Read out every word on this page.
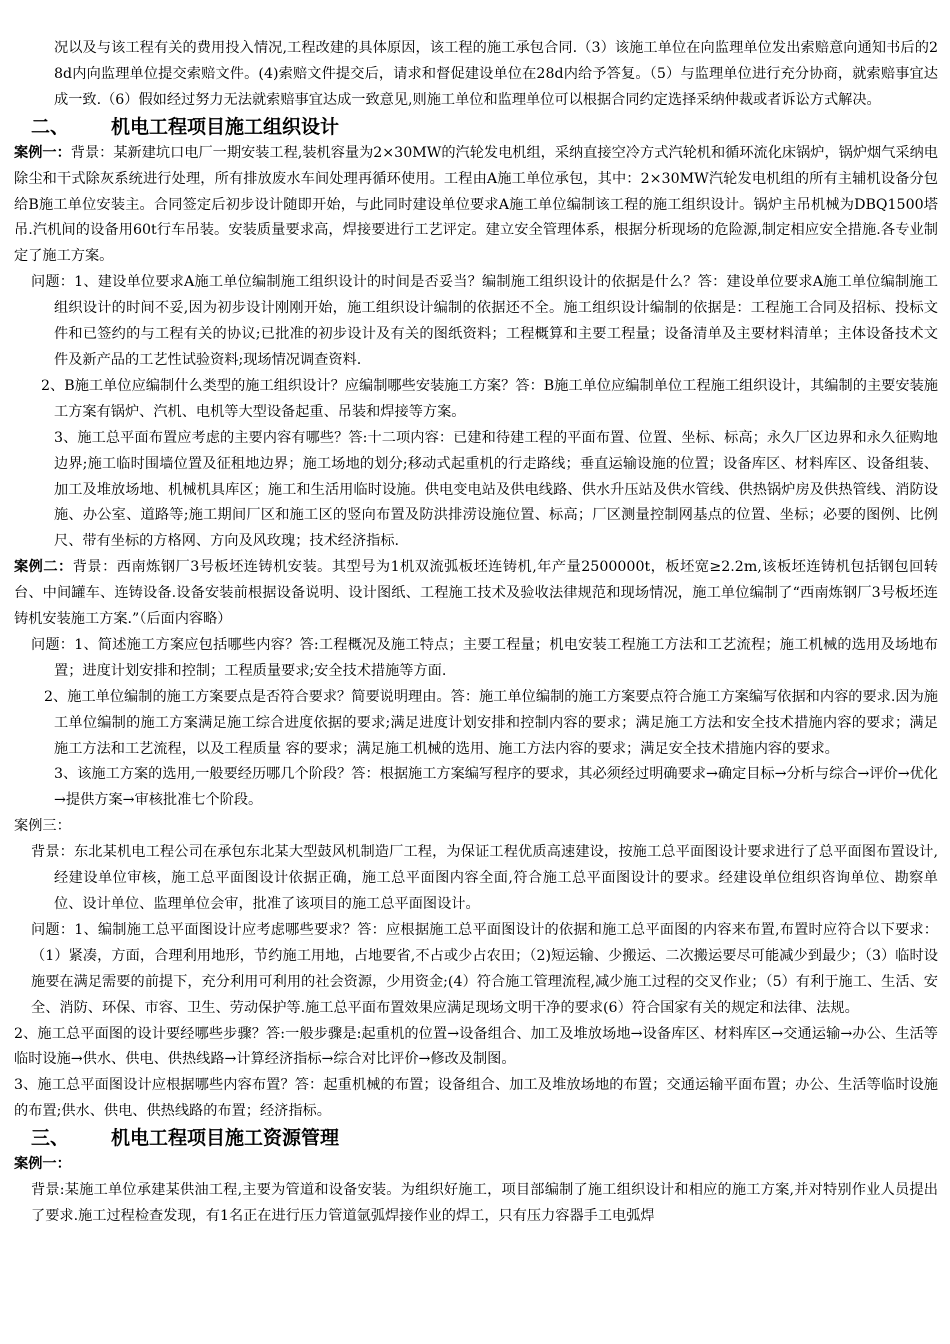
况以及与该工程有关的费用投入情况,工程改建的具体原因，该工程的施工承包合同.（3）该施工单位在向监理单位发出索赔意向通知书后的28d内向监理单位提交索赔文件。(4)索赔文件提交后，请求和督促建设单位在28d内给予答复。（5）与监理单位进行充分协商，就索赔事宜达成一致.（6）假如经过努力无法就索赔事宜达成一致意见,则施工单位和监理单位可以根据合同约定选择采纳仲裁或者诉讼方式解决。

二、 机电工程项目施工组织设计

案例一：背景：某新建坑口电厂一期安装工程,装机容量为2×30MW的汽轮发电机组，采纳直接空冷方式汽轮机和循环流化床锅炉，锅炉烟气采纳电除尘和干式除灰系统进行处理，所有排放废水车间处理再循环使用。工程由A施工单位承包，其中：2×30MW汽轮发电机组的所有主辅机设备分包给B施工单位安装主。合同签定后初步设计随即开始，与此同时建设单位要求A施工单位编制该工程的施工组织设计。锅炉主吊机械为DBQ1500塔吊.汽机间的设备用60t行车吊装。安装质量要求高，焊接要进行工艺评定。建立安全管理体系，根据分析现场的危险源,制定相应安全措施.各专业制定了施工方案。

问题：1、建设单位要求A施工单位编制施工组织设计的时间是否妥当？编制施工组织设计的依据是什么？答：建设单位要求A施工单位编制施工组织设计的时间不妥,因为初步设计刚刚开始，施工组织设计编制的依据还不全。施工组织设计编制的依据是：工程施工合同及招标、投标文件和已签约的与工程有关的协议;已批准的初步设计及有关的图纸资料；工程概算和主要工程量；设备清单及主要材料清单；主体设备技术文件及新产品的工艺性试验资料;现场情况调查资料.

2、B施工单位应编制什么类型的施工组织设计？应编制哪些安装施工方案？答：B施工单位应编制单位工程施工组织设计，其编制的主要安装施工方案有锅炉、汽机、电机等大型设备起重、吊装和焊接等方案。

3、施工总平面布置应考虑的主要内容有哪些？答:十二项内容：已建和待建工程的平面布置、位置、坐标、标高；永久厂区边界和永久征购地边界;施工临时围墙位置及征租地边界；施工场地的划分;移动式起重机的行走路线；垂直运输设施的位置；设备库区、材料库区、设备组装、加工及堆放场地、机械机具库区；施工和生活用临时设施。供电变电站及供电线路、供水升压站及供水管线、供热锅炉房及供热管线、消防设施、办公室、道路等;施工期间厂区和施工区的竖向布置及防洪排涝设施位置、标高；厂区测量控制网基点的位置、坐标；必要的图例、比例尺、带有坐标的方格网、方向及风玫瑰；技术经济指标.

案例二：背景：西南炼钢厂3号板坯连铸机安装。其型号为1机双流弧板坯连铸机,年产量2500000t，板坯宽≥2.2m,该板坯连铸机包括钢包回转台、中间罐车、连铸设备.设备安装前根据设备说明、设计图纸、工程施工技术及验收法律规范和现场情况，施工单位编制了“西南炼钢厂3号板坯连铸机安装施工方案.”（后面内容略）

问题：1、简述施工方案应包括哪些内容？答:工程概况及施工特点；主要工程量；机电安装工程施工方法和工艺流程；施工机械的选用及场地布置；进度计划安排和控制；工程质量要求;安全技术措施等方面.

2、施工单位编制的施工方案要点是否符合要求？简要说明理由。答：施工单位编制的施工方案要点符合施工方案编写依据和内容的要求.因为施工单位编制的施工方案满足施工综合进度依据的要求;满足进度计划安排和控制内容的要求；满足施工方法和安全技术措施内容的要求；满足施工方法和工艺流程，以及工程质量 容的要求；满足施工机械的选用、施工方法内容的要求；满足安全技术措施内容的要求。

3、该施工方案的选用,一般要经历哪几个阶段？答：根据施工方案编写程序的要求，其必须经过明确要求→确定目标→分析与综合→评价→优化→提供方案→审核批准七个阶段。

案例三：

背景：东北某机电工程公司在承包东北某大型鼓风机制造厂工程，为保证工程优质高速建设，按施工总平面图设计要求进行了总平面图布置设计,经建设单位审核，施工总平面图设计依据正确，施工总平面图内容全面,符合施工总平面图设计的要求。经建设单位组织咨询单位、勘察单位、设计单位、监理单位会审，批准了该项目的施工总平面图设计。

问题：1、编制施工总平面图设计应考虑哪些要求？答：应根据施工总平面图设计的依据和施工总平面图的内容来布置,布置时应符合以下要求：（1）紧凑，方面，合理利用地形，节约施工用地，占地要省,不占或少占农田；（2)短运输、少搬运、二次搬运要尽可能减少到最少；（3）临时设施要在满足需要的前提下，充分利用可利用的社会资源，少用资金;(4）符合施工管理流程,减少施工过程的交叉作业；（5）有利于施工、生活、安全、消防、环保、市容、卫生、劳动保护等.施工总平面布置效果应满足现场文明干净的要求(6）符合国家有关的规定和法律、法规。

2、施工总平面图的设计要经哪些步骤？答:一般步骤是:起重机的位置→设备组合、加工及堆放场地→设备库区、材料库区→交通运输→办公、生活等临时设施→供水、供电、供热线路→计算经济指标→综合对比评价→修改及制图。

3、施工总平面图设计应根据哪些内容布置？答：起重机械的布置；设备组合、加工及堆放场地的布置；交通运输平面布置；办公、生活等临时设施的布置;供水、供电、供热线路的布置；经济指标。

三、 机电工程项目施工资源管理

案例一：

背景:某施工单位承建某供油工程,主要为管道和设备安装。为组织好施工，项目部编制了施工组织设计和相应的施工方案,并对特别作业人员提出了要求.施工过程检查发现，有1名正在进行压力管道氩弧焊接作业的焊工，只有压力容器手工电弧焊
